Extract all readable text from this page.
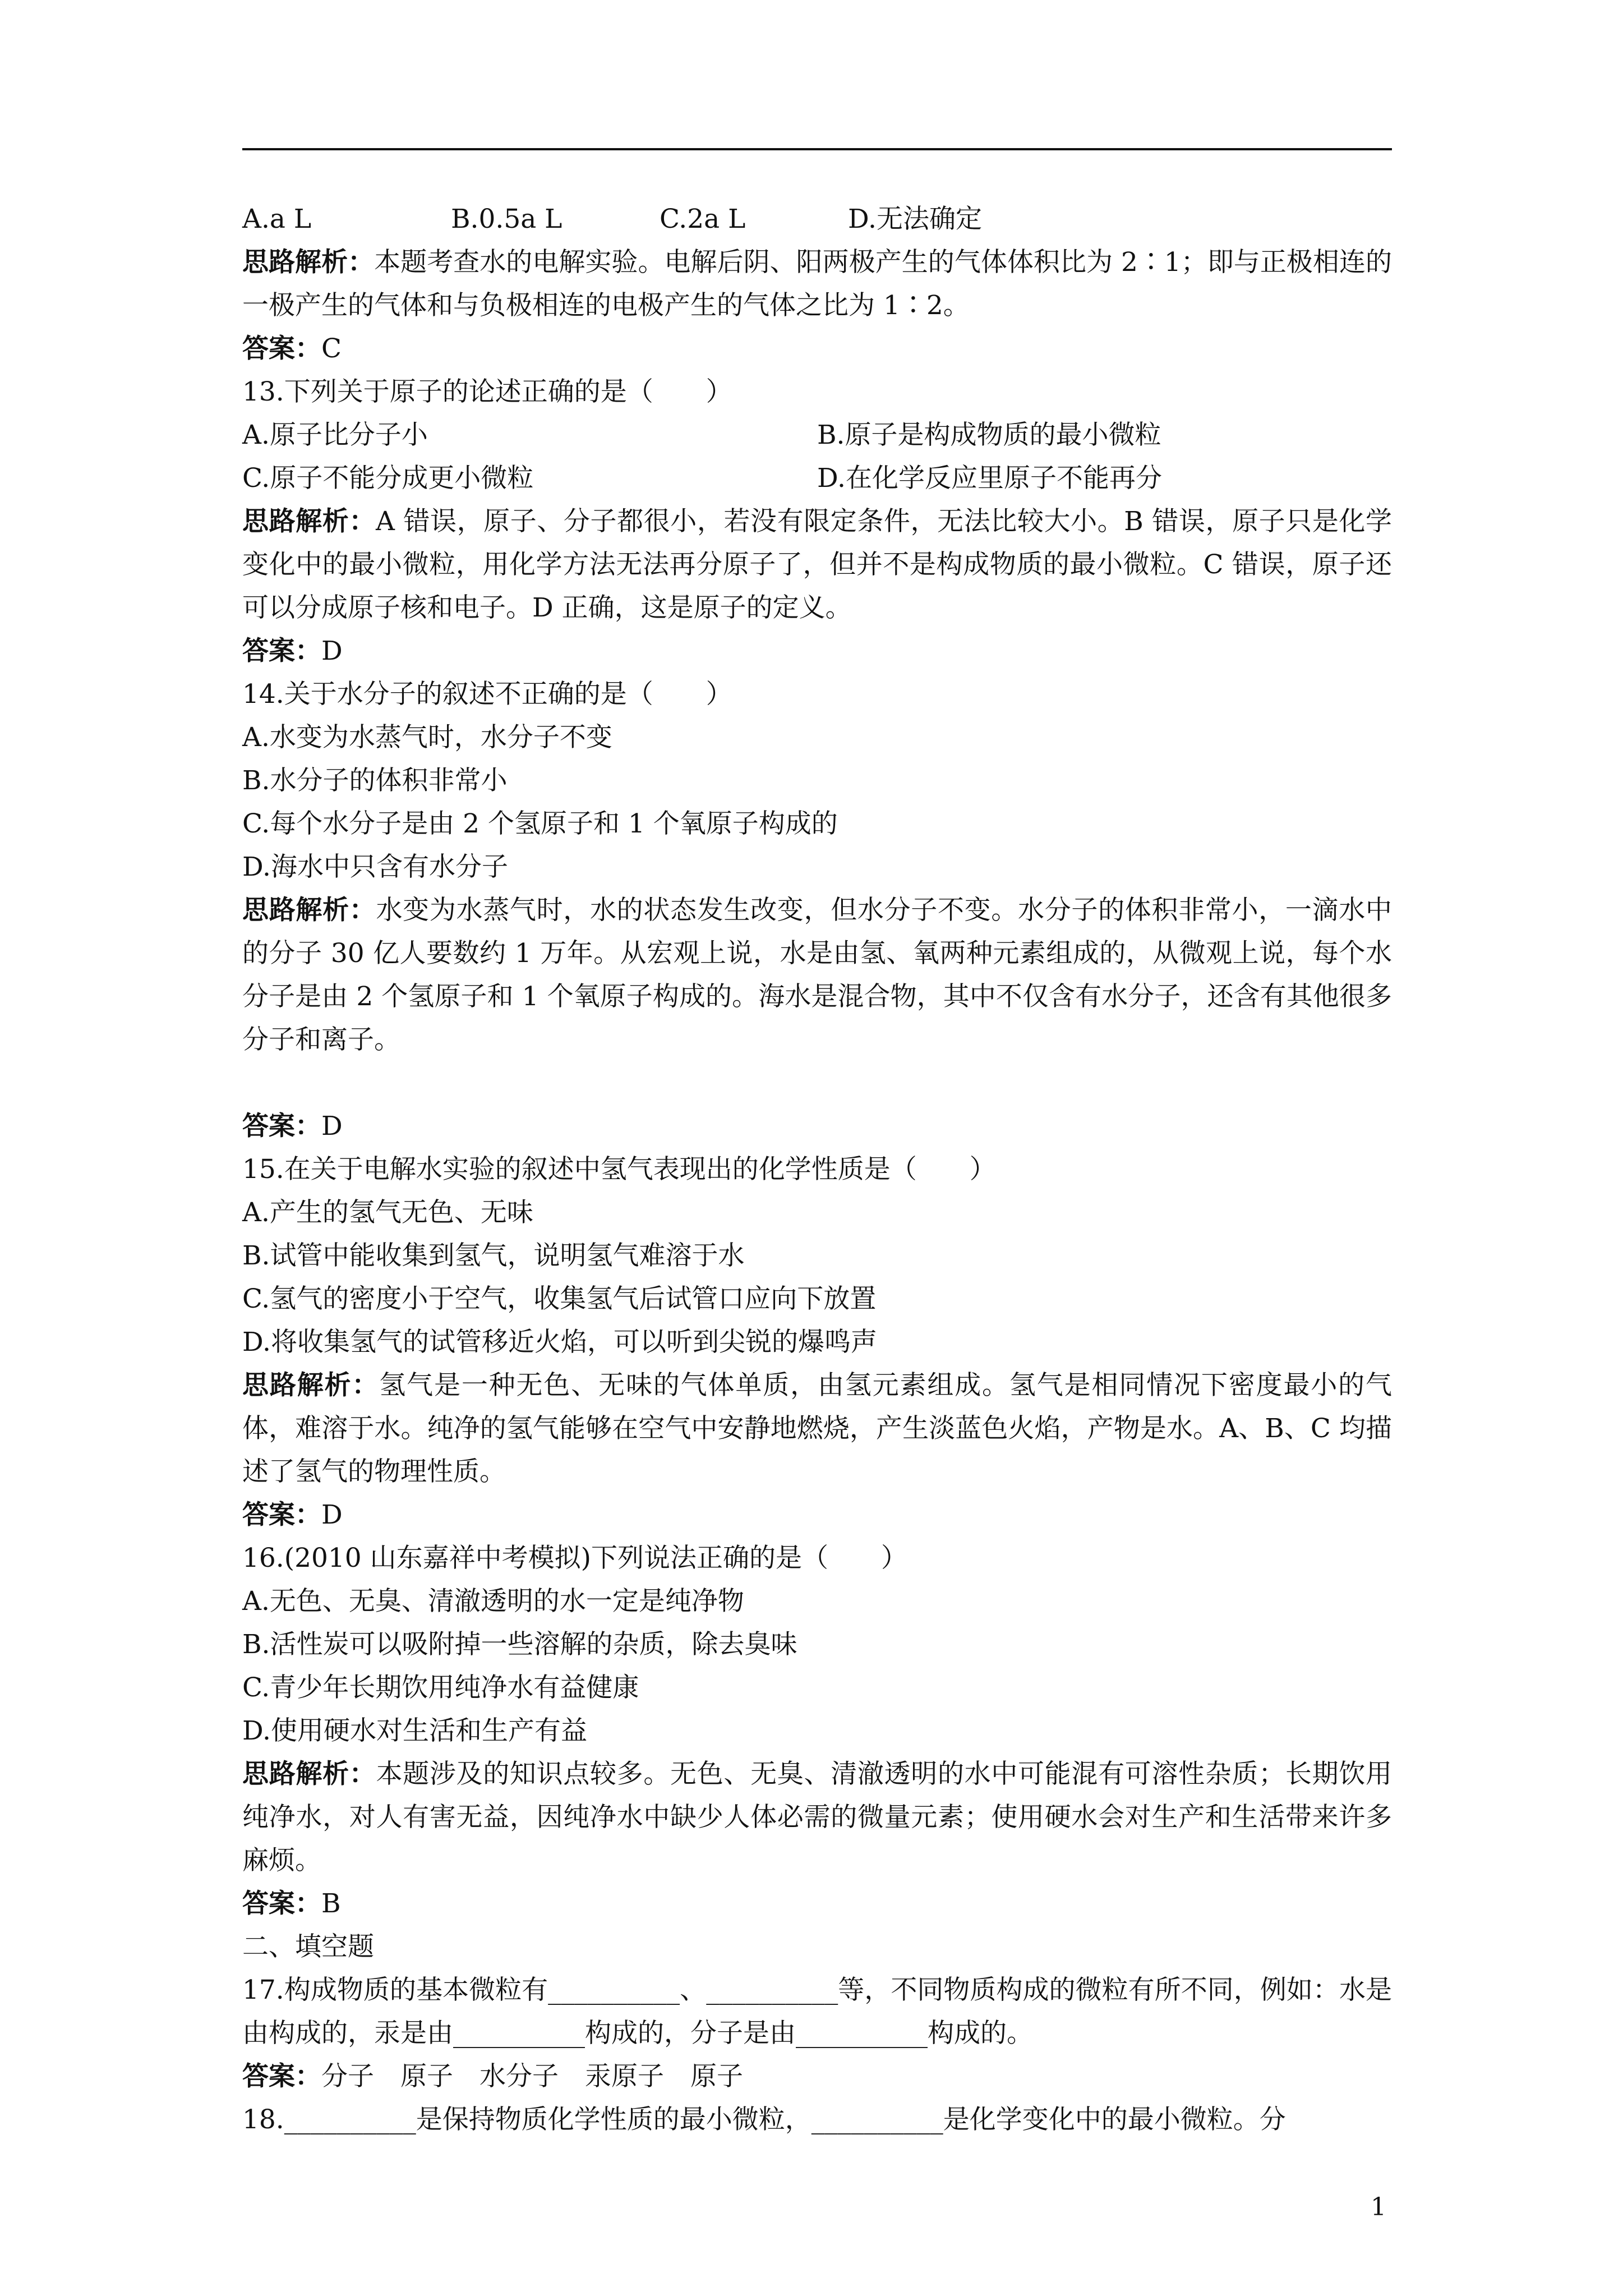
A.a L	B.0.5a L	C.2a L	D.无法确定
思路解析：本题考查水的电解实验。电解后阴、阳两极产生的气体体积比为 2∶1；即与正极相连的一极产生的气体和与负极相连的电极产生的气体之比为 1∶2。
答案：C
13.下列关于原子的论述正确的是（　　）
A.原子比分子小	B.原子是构成物质的最小微粒
C.原子不能分成更小微粒	D.在化学反应里原子不能再分
思路解析：A 错误，原子、分子都很小，若没有限定条件，无法比较大小。B 错误，原子只是化学变化中的最小微粒，用化学方法无法再分原子了，但并不是构成物质的最小微粒。C 错误，原子还可以分成原子核和电子。D 正确，这是原子的定义。
答案：D
14.关于水分子的叙述不正确的是（　　）
A.水变为水蒸气时，水分子不变
B.水分子的体积非常小
C.每个水分子是由 2 个氢原子和 1 个氧原子构成的
D.海水中只含有水分子
思路解析：水变为水蒸气时，水的状态发生改变，但水分子不变。水分子的体积非常小，一滴水中的分子 30 亿人要数约 1 万年。从宏观上说，水是由氢、氧两种元素组成的，从微观上说，每个水分子是由 2 个氢原子和 1 个氧原子构成的。海水是混合物，其中不仅含有水分子，还含有其他很多分子和离子。
答案：D
15.在关于电解水实验的叙述中氢气表现出的化学性质是（　　）
A.产生的氢气无色、无味
B.试管中能收集到氢气，说明氢气难溶于水
C.氢气的密度小于空气，收集氢气后试管口应向下放置
D.将收集氢气的试管移近火焰，可以听到尖锐的爆鸣声
思路解析：氢气是一种无色、无味的气体单质，由氢元素组成。氢气是相同情况下密度最小的气体，难溶于水。纯净的氢气能够在空气中安静地燃烧，产生淡蓝色火焰，产物是水。A、B、C 均描述了氢气的物理性质。
答案：D
16.(2010 山东嘉祥中考模拟)下列说法正确的是（　　）
A.无色、无臭、清澈透明的水一定是纯净物
B.活性炭可以吸附掉一些溶解的杂质，除去臭味
C.青少年长期饮用纯净水有益健康
D.使用硬水对生活和生产有益
思路解析：本题涉及的知识点较多。无色、无臭、清澈透明的水中可能混有可溶性杂质；长期饮用纯净水，对人有害无益，因纯净水中缺少人体必需的微量元素；使用硬水会对生产和生活带来许多麻烦。
答案：B
二、填空题
17.构成物质的基本微粒有__________、__________等，不同物质构成的微粒有所不同，例如：水是由构成的，汞是由__________构成的，分子是由__________构成的。
答案：分子　原子　水分子　汞原子　原子
18.__________是保持物质化学性质的最小微粒，__________是化学变化中的最小微粒。分
1
